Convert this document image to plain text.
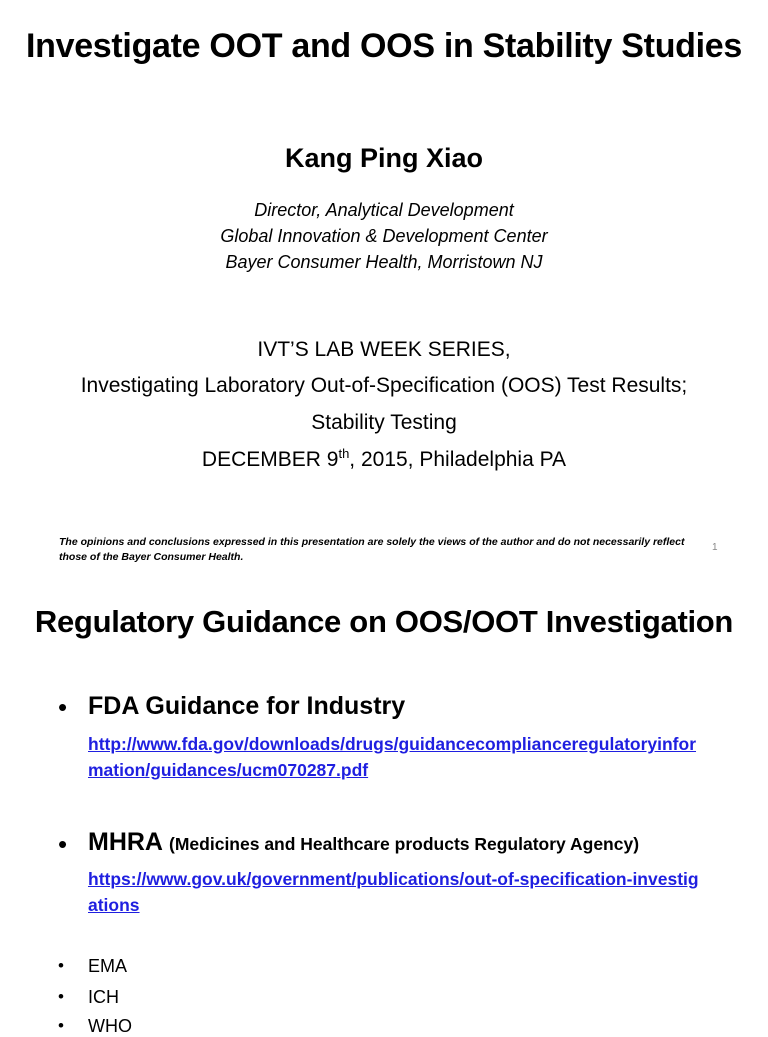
Investigate OOT and OOS in Stability Studies
Kang Ping Xiao
Director, Analytical Development
Global Innovation & Development Center
Bayer Consumer Health, Morristown NJ
IVT’S LAB WEEK SERIES,
Investigating Laboratory Out-of-Specification (OOS) Test Results;
Stability Testing
DECEMBER 9th, 2015, Philadelphia PA
The opinions and conclusions expressed in this presentation are solely the views of the author and do not necessarily reflect those of the Bayer Consumer Health.
1
Regulatory Guidance on OOS/OOT Investigation
• FDA Guidance for Industry
http://www.fda.gov/downloads/drugs/guidancecomplianceregulatoryinformation/guidances/ucm070287.pdf
• MHRA (Medicines and Healthcare products Regulatory Agency)
https://www.gov.uk/government/publications/out-of-specification-investigations
• EMA
• ICH
• WHO
